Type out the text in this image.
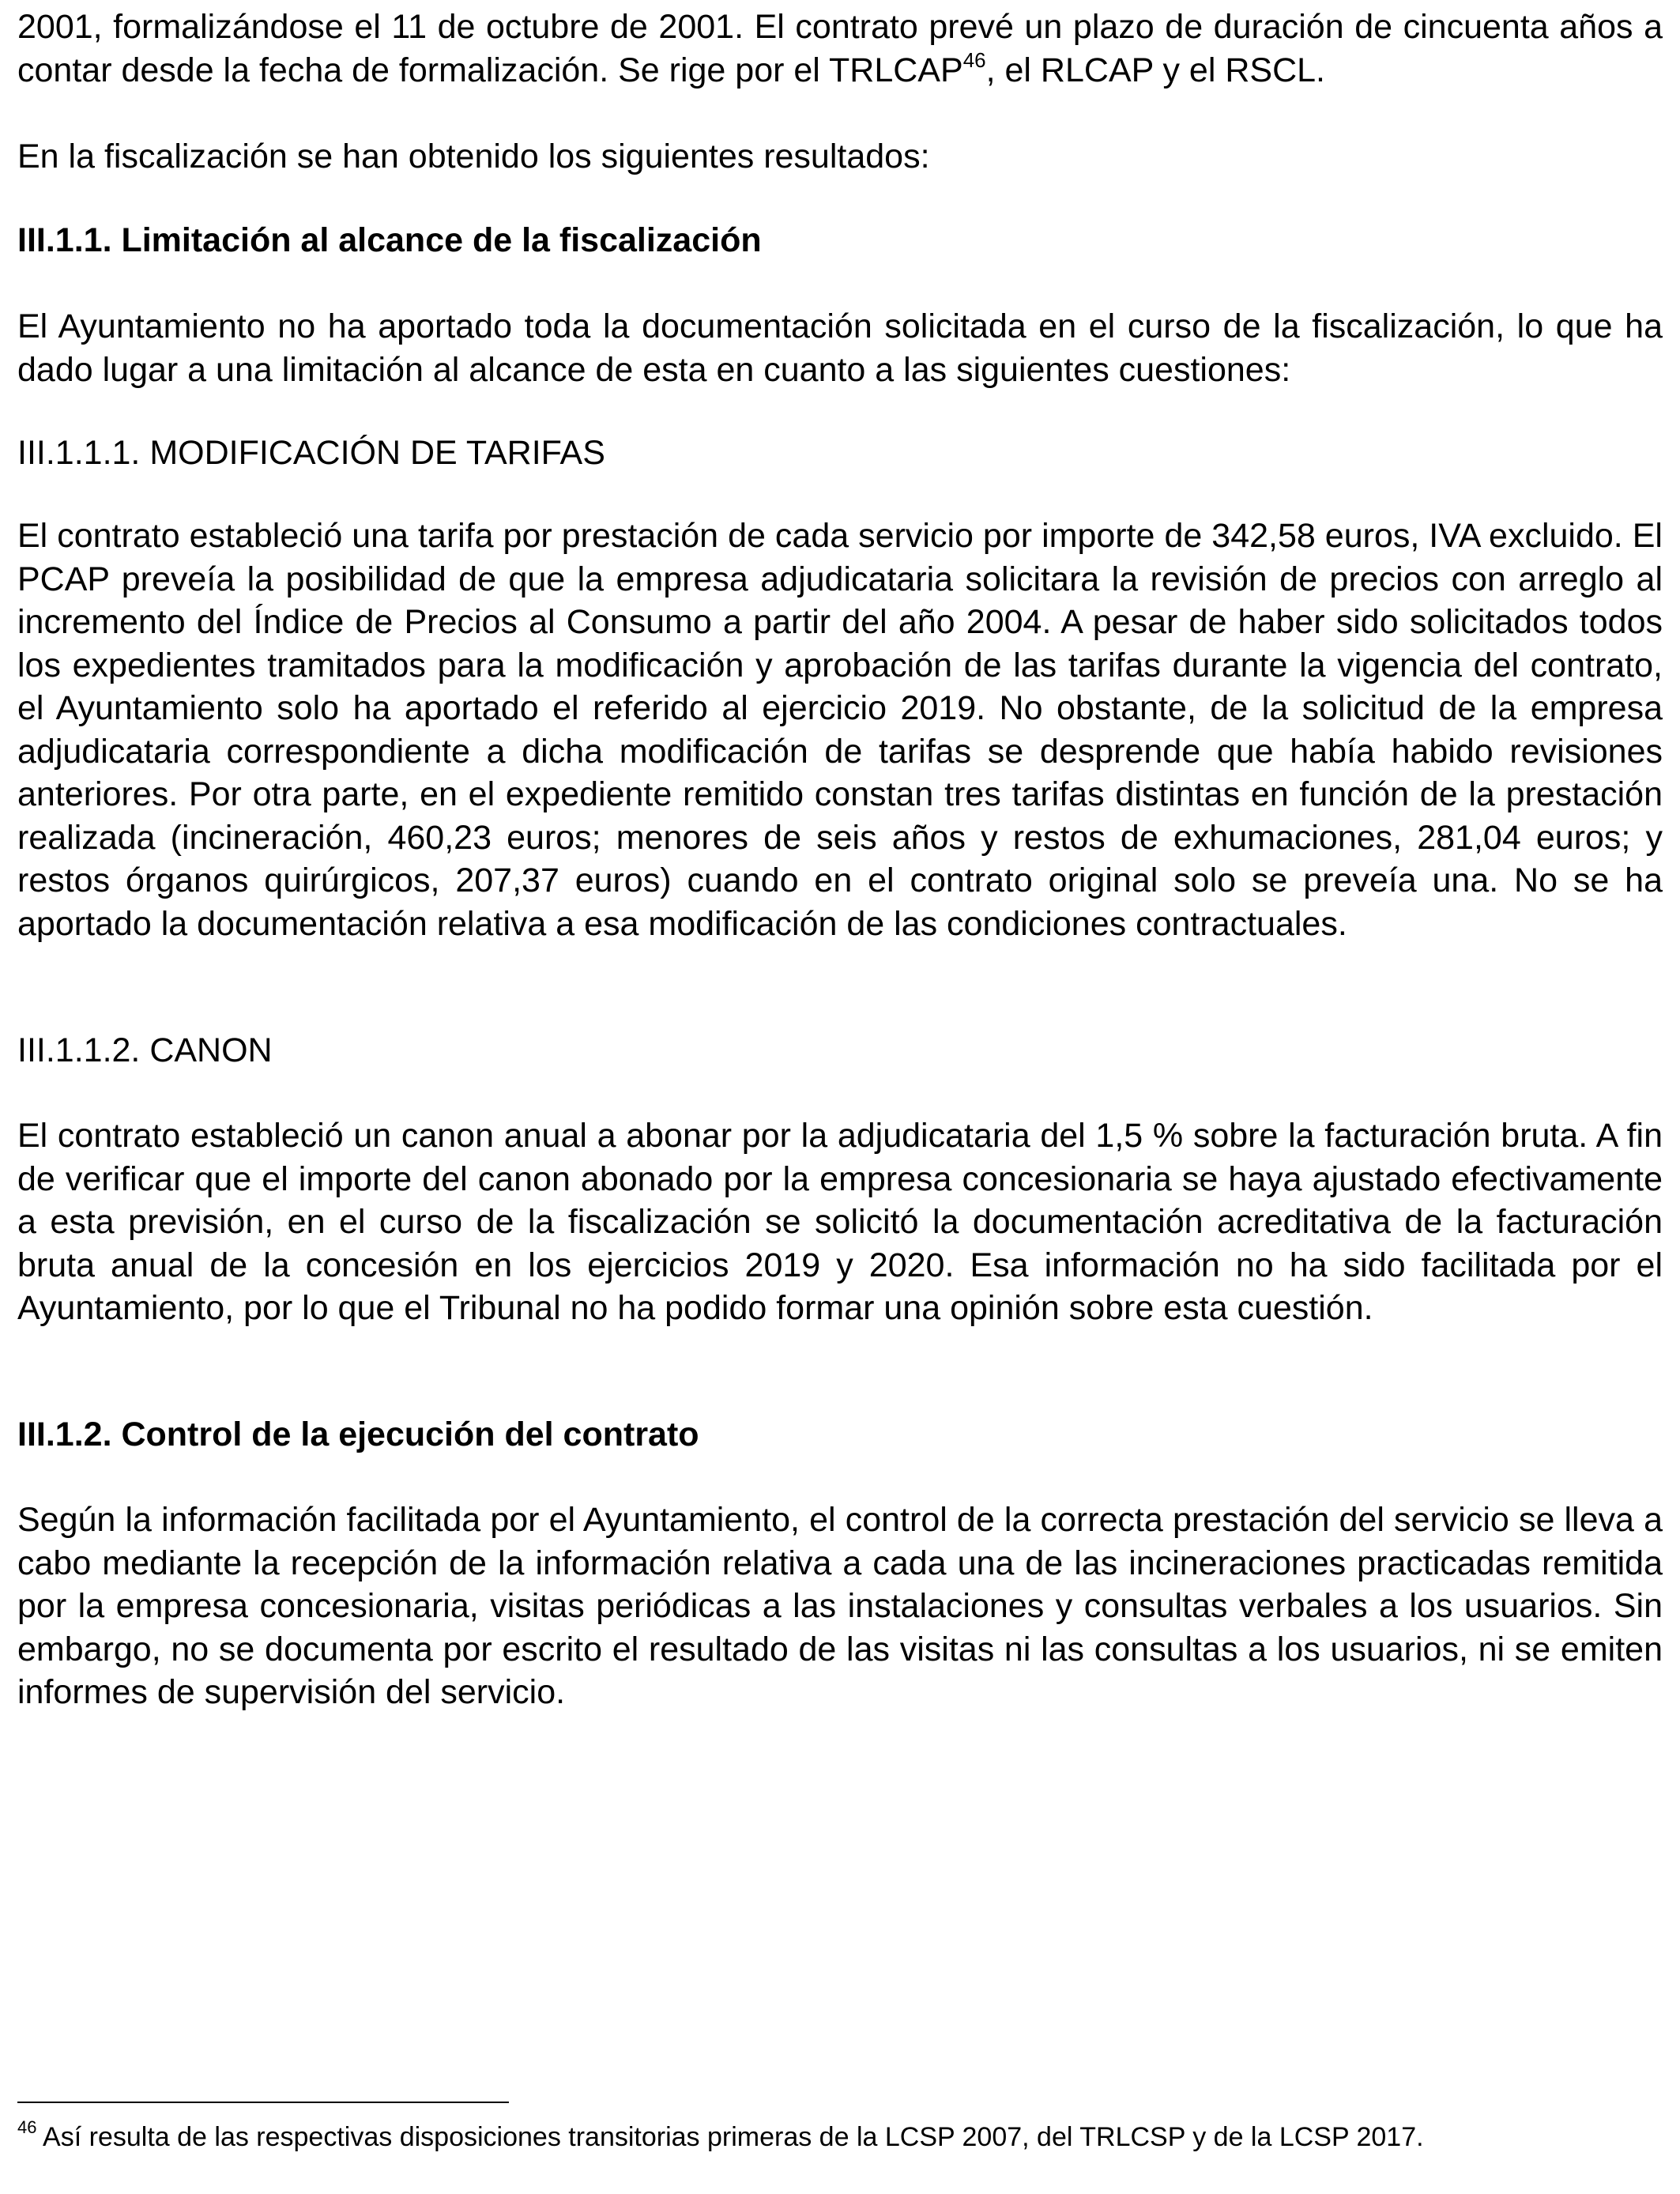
2001, formalizándose el 11 de octubre de 2001. El contrato prevé un plazo de duración de cincuenta años a contar desde la fecha de formalización. Se rige por el TRLCAP$^{46}$, el RLCAP y el RSCL.

En la fiscalización se han obtenido los siguientes resultados:

III.1.1. Limitación al alcance de la fiscalización

El Ayuntamiento no ha aportado toda la documentación solicitada en el curso de la fiscalización, lo que ha dado lugar a una limitación al alcance de esta en cuanto a las siguientes cuestiones:

III.1.1.1. MODIFICACIÓN DE TARIFAS

El contrato estableció una tarifa por prestación de cada servicio por importe de 342,58 euros, IVA excluido. El PCAP preveía la posibilidad de que la empresa adjudicataria solicitara la revisión de precios con arreglo al incremento del Índice de Precios al Consumo a partir del año 2004. A pesar de haber sido solicitados todos los expedientes tramitados para la modificación y aprobación de las tarifas durante la vigencia del contrato, el Ayuntamiento solo ha aportado el referido al ejercicio 2019. No obstante, de la solicitud de la empresa adjudicataria correspondiente a dicha modificación de tarifas se desprende que había habido revisiones anteriores. Por otra parte, en el expediente remitido constan tres tarifas distintas en función de la prestación realizada (incineración, 460,23 euros; menores de seis años y restos de exhumaciones, 281,04 euros; y restos órganos quirúrgicos, 207,37 euros) cuando en el contrato original solo se preveía una. No se ha aportado la documentación relativa a esa modificación de las condiciones contractuales.

III.1.1.2. CANON

El contrato estableció un canon anual a abonar por la adjudicataria del 1,5 % sobre la facturación bruta. A fin de verificar que el importe del canon abonado por la empresa concesionaria se haya ajustado efectivamente a esta previsión, en el curso de la fiscalización se solicitó la documentación acreditativa de la facturación bruta anual de la concesión en los ejercicios 2019 y 2020. Esa información no ha sido facilitada por el Ayuntamiento, por lo que el Tribunal no ha podido formar una opinión sobre esta cuestión.

III.1.2. Control de la ejecución del contrato

Según la información facilitada por el Ayuntamiento, el control de la correcta prestación del servicio se lleva a cabo mediante la recepción de la información relativa a cada una de las incineraciones practicadas remitida por la empresa concesionaria, visitas periódicas a las instalaciones y consultas verbales a los usuarios. Sin embargo, no se documenta por escrito el resultado de las visitas ni las consultas a los usuarios, ni se emiten informes de supervisión del servicio.

$^{46}$ Así resulta de las respectivas disposiciones transitorias primeras de la LCSP 2007, del TRLCSP y de la LCSP 2017.
